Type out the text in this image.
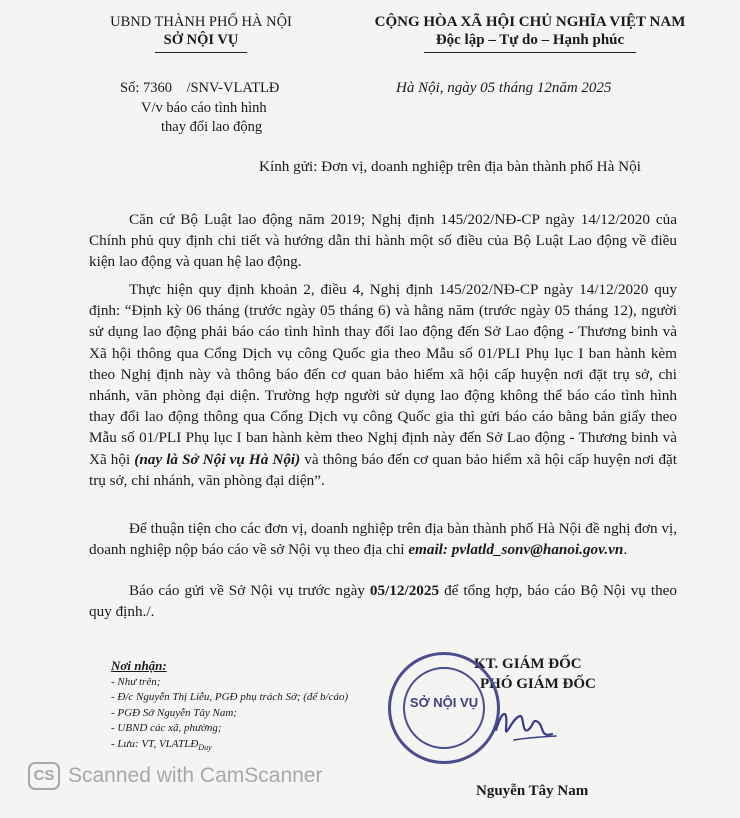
UBND THÀNH PHỐ HÀ NỘI
SỞ NỘI VỤ
CỘNG HÒA XÃ HỘI CHỦ NGHĨA VIỆT NAM
Độc lập – Tự do – Hạnh phúc
Số: 7360    /SNV-VLATLĐ
V/v báo cáo tình hình
thay đổi lao động
Hà Nội, ngày 05 tháng 12năm 2025
Kính gửi: Đơn vị, doanh nghiệp trên địa bàn thành phố Hà Nội

Căn cứ Bộ Luật lao động năm 2019; Nghị định 145/202/NĐ-CP ngày 14/12/2020 của Chính phủ quy định chi tiết và hướng dẫn thi hành một số điều của Bộ Luật Lao động về điều kiện lao động và quan hệ lao động.

Thực hiện quy định khoản 2, điều 4, Nghị định 145/202/NĐ-CP ngày 14/12/2020 quy định: “Định kỳ 06 tháng (trước ngày 05 tháng 6) và hằng năm (trước ngày 05 tháng 12), người sử dụng lao động phải báo cáo tình hình thay đổi lao động đến Sở Lao động - Thương binh và Xã hội thông qua Cổng Dịch vụ công Quốc gia theo Mẫu số 01/PLI Phụ lục I ban hành kèm theo Nghị định này và thông báo đến cơ quan bảo hiểm xã hội cấp huyện nơi đặt trụ sở, chi nhánh, văn phòng đại diện. Trường hợp người sử dụng lao động không thể báo cáo tình hình thay đổi lao động thông qua Cổng Dịch vụ công Quốc gia thì gửi báo cáo bằng bản giấy theo Mẫu số 01/PLI Phụ lục I ban hành kèm theo Nghị định này đến Sở Lao động - Thương binh và Xã hội (nay là Sở Nội vụ Hà Nội) và thông báo đến cơ quan bảo hiểm xã hội cấp huyện nơi đặt trụ sở, chi nhánh, văn phòng đại diện”.

Để thuận tiện cho các đơn vị, doanh nghiệp trên địa bàn thành phố Hà Nội đề nghị đơn vị, doanh nghiệp nộp báo cáo về sở Nội vụ theo địa chỉ email: pvlatld_sonv@hanoi.gov.vn.

Báo cáo gửi về Sở Nội vụ trước ngày 05/12/2025 để tổng hợp, báo cáo Bộ Nội vụ theo quy định./.

Nơi nhận:
- Như trên;
- Đ/c Nguyễn Thị Liễu, PGĐ phụ trách Sở; (để b/cáo)
- PGĐ Sở Nguyễn Tây Nam;
- UBND các xã, phường;
- Lưu: VT, $VLATLĐ_{Duy}$
KT. GIÁM ĐỐC
PHÓ GIÁM ĐỐC
SỞ NỘI VỤ
Nguyễn Tây Nam
CS Scanned with CamScanner
